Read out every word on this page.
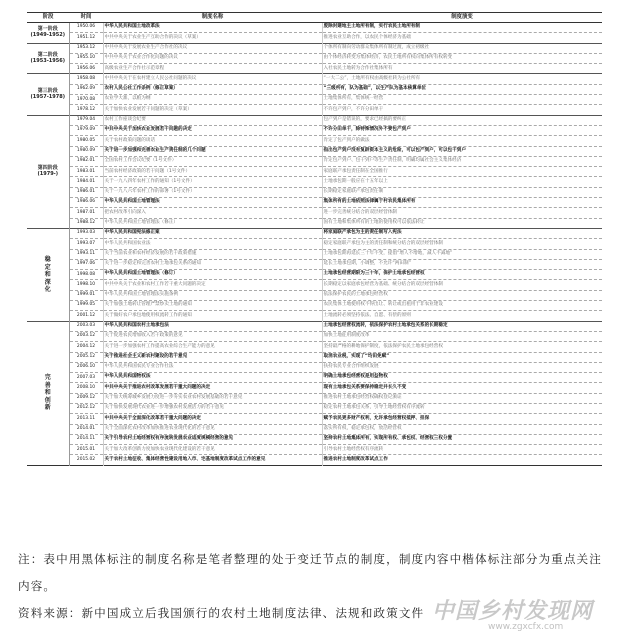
阶段	时间	制度名称	制度演变

第一阶段
(1949-1952)	1950.06	中华人民共和国土地改革法	废除封建地主土地所有制，实行农民土地所有制
	1951.12	中共中央关于农业生产互助合作的决议（草案）	推进农业互助合作，以农民个体经济为基础

第二阶段
(1953-1956)	1953.12	中共中央关于发展农业生产合作社的决议	个体所有制向劳动群众集体所有制过渡，成立初级社
	1955.10	中共中央关于农业合作化问题的决议	由个体经济转变为集体经济，农民土地所有权向集体所有权转变
	1956.06	高级农业生产合作社示范章程	入社农民土地转为合作社集体所有

第三阶段
(1957-1978)	1958.08	中共中央关于在农村建立人民公社问题的决议	“一大二公”，土地所有权由高级社转为公社所有
	1962.09	农村人民公社工作条例（修正草案）	“三级所有，队为基础”，以生产队为基本核算单位
	1970.08	农业学大寨，以粮为纲	土地集体所有，集体统一经营
	1978.12	关于加快农业发展若干问题的决定（草案）	不许包产到户，不许分田单干

第四阶段
(1979-)	1979.04	农村工作座谈会纪要	包产到户是错误的，要求已经搞的要纠正
	1979.09	中共中央关于加快农业发展若干问题的决定	不许分田单干，除特殊情况外不要包产到户
	1980.05	关于农村政策问题的谈话	肯定了包产到户的做法
	1980.09	关于进一步加强和完善农业生产责任制的几个问题	指出包产到户没有复辟资本主义的危险，可以包产到户，可以包干到户
	1982.01	全国农村工作会议纪要（1号文件）	肯定包产到户、包干到户等生产责任制，明确均属社会主义集体经济
	1983.01	当前农村经济政策的若干问题（1号文件）	家庭联产承包责任制在全国推行
	1984.01	关于一九八四年农村工作的通知（1号文件）	土地承包期一般应在十五年以上
	1986.01	关于一九八六年农村工作的部署（1号文件）	长期稳定家庭联产承包责任制
	1986.06	中华人民共和国土地管理法	集体所有的土地依照法律属于村农民集体所有
	1987.01	把农村改革引向深入	进一步完善统分结合的双层经营体制
	1988.12	中华人民共和国土地管理法（修正）	国有土地和集体所有的土地的使用权可以依法转让

稳
定
和
深
化	1993.03	中华人民共和国宪法修正案	将家庭联产承包为主的责任制写入宪法
	1993.07	中华人民共和国农业法	稳定家庭联产承包为主的责任制和统分结合的双层经营体制
	1993.11	关于当前农业和农村经济发展的若干政策措施	土地承包期再延长三十年不变，提倡“增人不增地，减人不减地”
	1997.06	关于进一步稳定和完善农村土地承包关系的通知	延长土地承包期，小调整，不允许“两田制”
	1998.08	中华人民共和国土地管理法（修订）	土地承包经营期限为三十年，保护土地承包经营权
	1998.10	中共中央关于农业和农村工作若干重大问题的决定	长期稳定以家庭承包经营为基础、统分结合的双层经营体制
	1999.01	中华人民共和国土地管理法实施条例	依法保护农民的土地承包经营权
	1999.05	关于加强土地转让管理严禁炒卖土地的通知	农民集体土地使用权不得出让、转让或出租用于非农业建设
	2001.12	关于做好农户承包地使用权流转工作的通知	土地流转必须坚持依法、自愿、有偿的原则

完
善
和
创
新	2003.03	中华人民共和国农村土地承包法	土地承包经营权流转，依法保护农村土地承包关系的长期稳定
	2003.12	关于促进农民增加收入若干政策的意见	加快土地征用制度改革
	2004.12	关于进一步加强农村工作提高农业综合生产能力的意见	坚持最严格的耕地保护制度，依法保护农民土地承包经营权
	2005.12	关于推进社会主义新农村建设的若干意见	取消农业税，实现了“均田免赋”
	2006.10	中华人民共和国农民专业合作社法	扶持农民专业合作组织发展
	2007.03	中华人民共和国物权法	明确土地承包经营权是用益物权
	2008.10	中共中央关于推进农村改革发展若干重大问题的决定	现有土地承包关系要保持稳定并长久不变
	2009.12	关于加大统筹城乡发展力度进一步夯实农业农村发展基础的若干意见	推进农村土地承包经营权确权登记颁证
	2012.12	关于加快发展现代农业进一步增强农村发展活力的若干意见	稳定农村土地承包关系，引导土地经营权有序流转
	2013.11	中共中央关于全面深化改革若干重大问题的决定	赋予农民更多财产权利，允许承包经营权抵押、担保
	2014.01	关于全面深化农村改革加快推进农业现代化的若干意见	落实所有权，稳定承包权，放活经营权
	2014.11	关于引导农村土地经营权有序流转发展农业适度规模经营的意见	坚持农村土地集体所有，实现所有权、承包权、经营权三权分置
	2015.01	关于加大改革创新力度加快农业现代化建设的若干意见	引导农村土地经营权有序流转
	2015.02	关于农村土地征收、集体经营性建设用地入市、宅基地制度改革试点工作的意见	推进农村土地制度改革试点工作
注：表中用黑体标注的制度名称是笔者整理的处于变迁节点的制度，制度内容中楷体标注部分为重点关注内容。
资料来源：新中国成立后我国颁行的农村土地制度法律、法规和政策文件 中国乡村发现网
www.zgxcfx.com
